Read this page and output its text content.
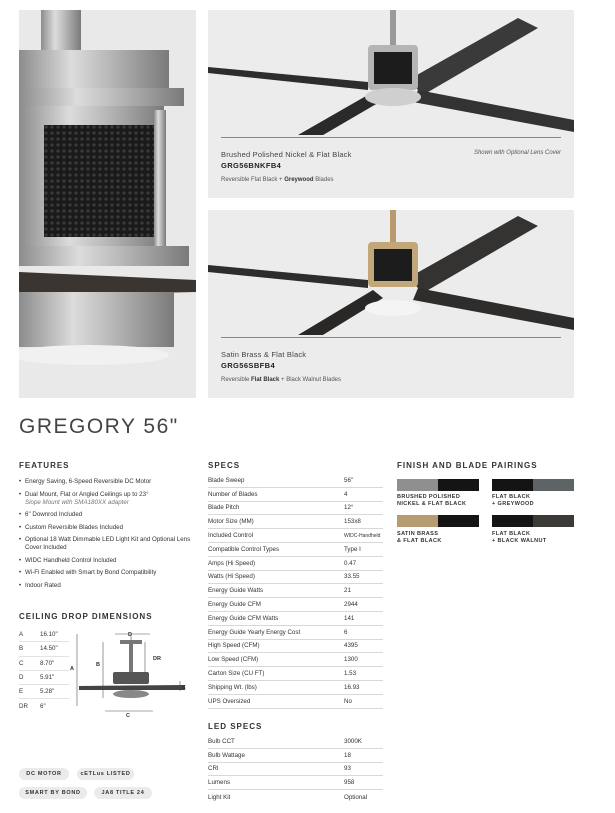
Brushed Polished Nickel & Flat Black
GRG56BNKFB4
Reversible Flat Black + Greywood Blades
Shown with Optional Lens Cover
Satin Brass & Flat Black
GRG56SBFB4
Reversible Flat Black + Black Walnut Blades
GREGORY 56"
FEATURES
• Energy Saving, 6-Speed Reversible DC Motor
• Dual Mount, Flat or Angled Ceilings up to 23°
Slope Mount with SMA180XX adapter
• 6" Downrod Included
• Custom Reversible Blades Included
• Optional 18 Watt Dimmable LED Light Kit and Optional Lens Cover Included
• WIDC Handheld Control Included
• Wi-Fi Enabled with Smart by Bond Compatibility
• Indoor Rated
CEILING DROP DIMENSIONS
A	16.10"
B	14.50"
C	8.70"
D	5.91"
E	5.28"
DR	6"
D
DR
A
B
E
C
DC MOTOR	cETLus LISTED
SMART BY BOND	JA8 TITLE 24
SPECS
Blade Sweep	56"
Number of Blades	4
Blade Pitch	12°
Motor Size (MM)	153x8
Included Control	WIDC-Handheld
Compatible Control Types	Type I
Amps (Hi Speed)	0.47
Watts (Hi Speed)	33.55
Energy Guide Watts	21
Energy Guide CFM	2944
Energy Guide CFM Watts	141
Energy Guide Yearly Energy Cost	6
High Speed (CFM)	4395
Low Speed (CFM)	1300
Carton Size (CU FT)	1.53
Shipping Wt. (lbs)	16.93
UPS Oversized	No
LED SPECS
Bulb CCT	3000K
Bulb Wattage	18
CRI	93
Lumens	958
Light Kit	Optional
FINISH AND BLADE PAIRINGS
BRUSHED POLISHED
NICKEL & FLAT BLACK
FLAT BLACK
+ GREYWOOD
SATIN BRASS
& FLAT BLACK
FLAT BLACK
+ BLACK WALNUT
